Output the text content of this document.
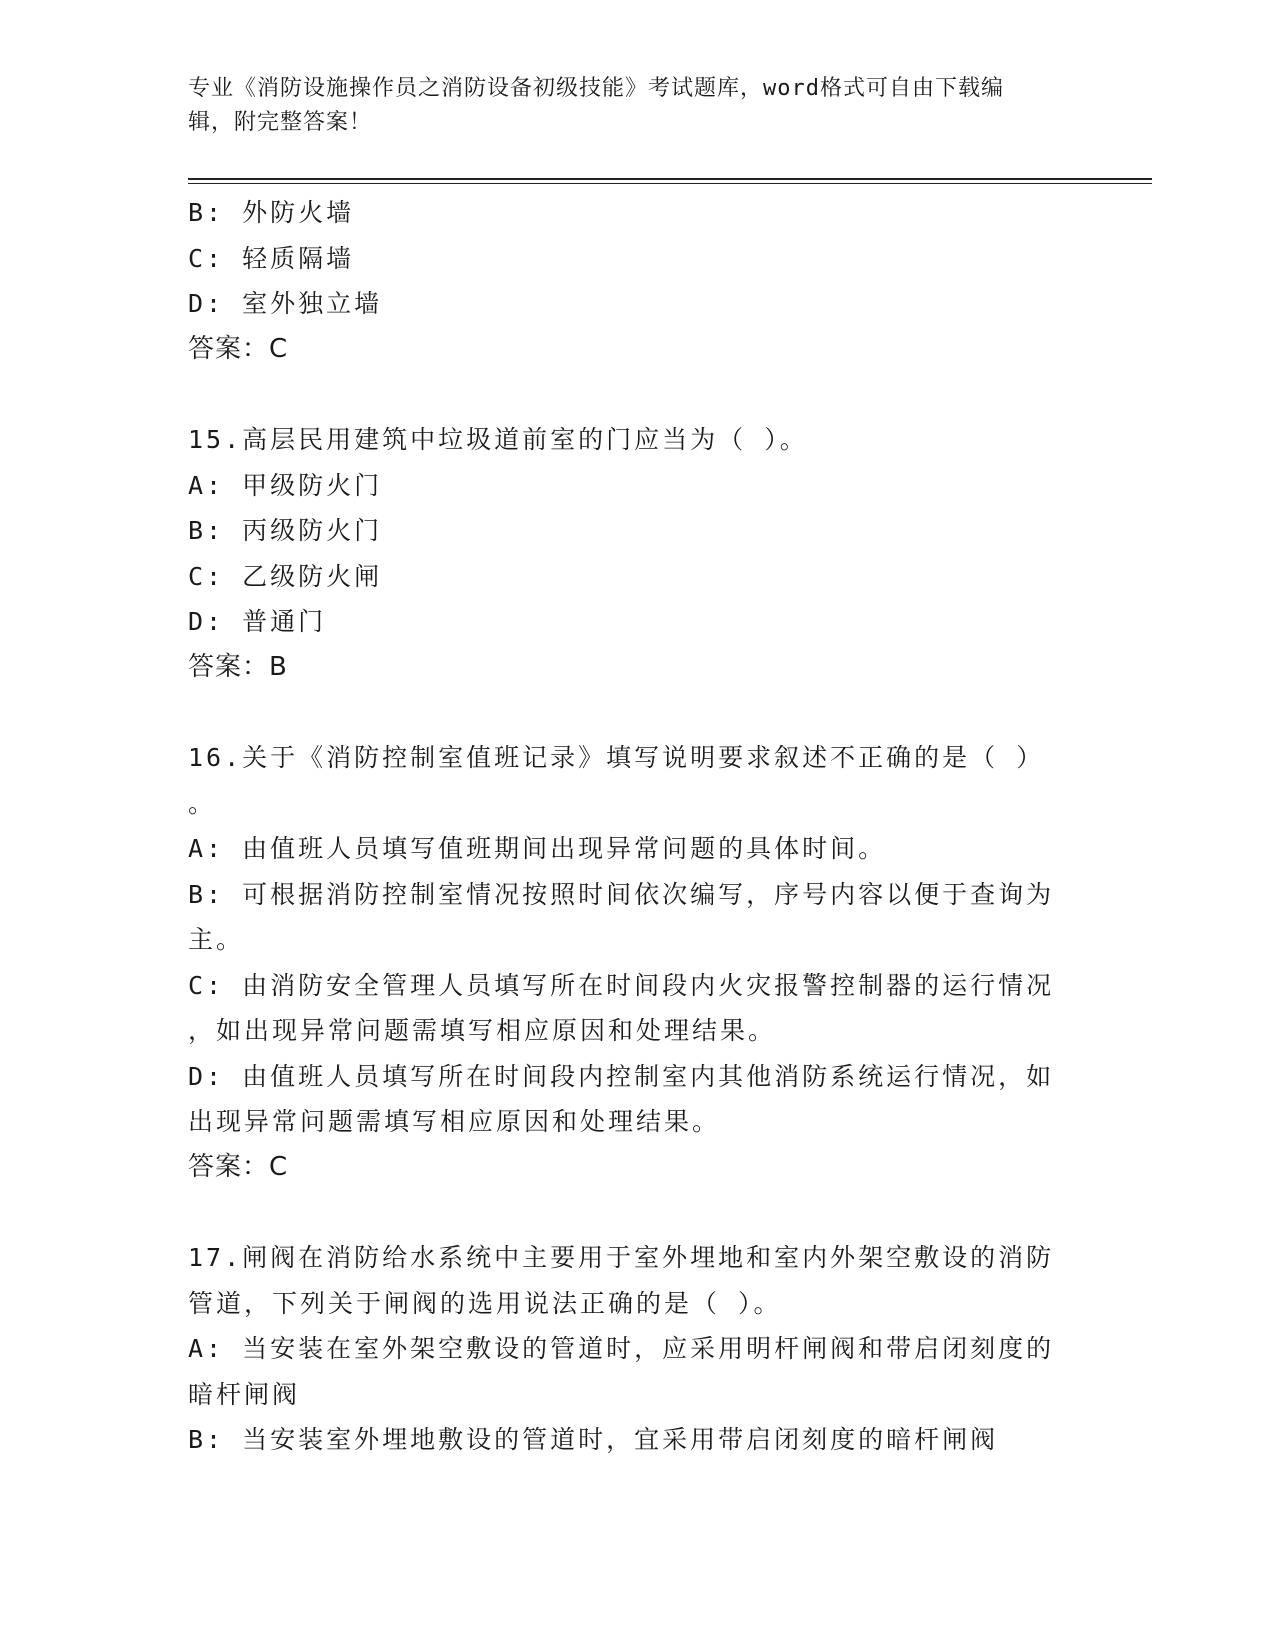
专业《消防设施操作员之消防设备初级技能》考试题库，word格式可自由下载编
辑，附完整答案！
B: 外防火墙
C: 轻质隔墙
D: 室外独立墙
答案：C
15.高层民用建筑中垃圾道前室的门应当为（ ）。
A: 甲级防火门
B: 丙级防火门
C: 乙级防火闸
D: 普通门
答案：B
16.关于《消防控制室值班记录》填写说明要求叙述不正确的是（ ）
。
A: 由值班人员填写值班期间出现异常问题的具体时间。
B: 可根据消防控制室情况按照时间依次编写，序号内容以便于查询为
主。
C: 由消防安全管理人员填写所在时间段内火灾报警控制器的运行情况
，如出现异常问题需填写相应原因和处理结果。
D: 由值班人员填写所在时间段内控制室内其他消防系统运行情况，如
出现异常问题需填写相应原因和处理结果。
答案：C
17.闸阀在消防给水系统中主要用于室外埋地和室内外架空敷设的消防
管道，下列关于闸阀的选用说法正确的是（ ）。
A: 当安装在室外架空敷设的管道时，应采用明杆闸阀和带启闭刻度的
暗杆闸阀
B: 当安装室外埋地敷设的管道时，宜采用带启闭刻度的暗杆闸阀
